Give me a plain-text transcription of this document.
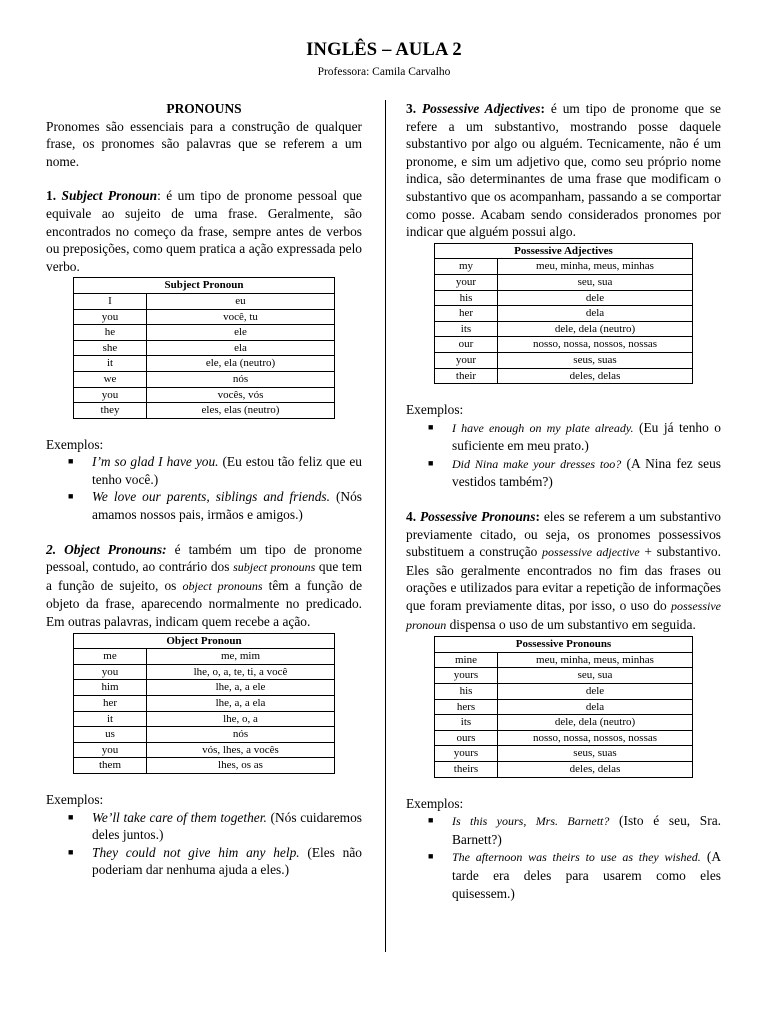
INGLÊS – AULA 2
Professora: Camila Carvalho

PRONOUNS

Pronomes são essenciais para a construção de qualquer frase, os pronomes são palavras que se referem a um nome.

1. Subject Pronoun: é um tipo de pronome pessoal que equivale ao sujeito de uma frase. Geralmente, são encontrados no começo da frase, sempre antes de verbos ou preposições, como quem pratica a ação expressada pelo verbo.

Subject Pronoun	
I	eu
you	você, tu
he	ele
she	ela
it	ele, ela (neutro)
we	nós
you	vocês, vós
they	eles, elas (neutro)

Exemplos:

■ I’m so glad I have you. (Eu estou tão feliz que eu tenho você.)
■ We love our parents, siblings and friends. (Nós amamos nossos pais, irmãos e amigos.)

2. Object Pronouns: é também um tipo de pronome pessoal, contudo, ao contrário dos subject pronouns que tem a função de sujeito, os object pronouns têm a função de objeto da frase, aparecendo normalmente no predicado. Em outras palavras, indicam quem recebe a ação.

Object Pronoun	
me	me, mim
you	lhe, o, a, te, ti, a você
him	lhe, a, a ele
her	lhe, a, a ela
it	lhe, o, a
us	nós
you	vós, lhes, a vocês
them	lhes, os as

Exemplos:

■ We’ll take care of them together. (Nós cuidaremos deles juntos.)
■ They could not give him any help. (Eles não poderiam dar nenhuma ajuda a eles.)

3. Possessive Adjectives: é um tipo de pronome que se refere a um substantivo, mostrando posse daquele substantivo por algo ou alguém. Tecnicamente, não é um pronome, e sim um adjetivo que, como seu próprio nome indica, são determinantes de uma frase que modificam o substantivo que os acompanham, passando a se comportar como posse. Acabam sendo considerados pronomes por indicar que alguém possui algo.

Possessive Adjectives	
my	meu, minha, meus, minhas
your	seu, sua
his	dele
her	dela
its	dele, dela (neutro)
our	nosso, nossa, nossos, nossas
your	seus, suas
their	deles, delas

Exemplos:

■ I have enough on my plate already. (Eu já tenho o suficiente em meu prato.)
■ Did Nina make your dresses too? (A Nina fez seus vestidos também?)

4. Possessive Pronouns: eles se referem a um substantivo previamente citado, ou seja, os pronomes possessivos substituem a construção possessive adjective + substantivo. Eles são geralmente encontrados no fim das frases ou orações e utilizados para evitar a repetição de informações que foram previamente ditas, por isso, o uso do possessive pronoun dispensa o uso de um substantivo em seguida.

Possessive Pronouns	
mine	meu, minha, meus, minhas
yours	seu, sua
his	dele
hers	dela
its	dele, dela (neutro)
ours	nosso, nossa, nossos, nossas
yours	seus, suas
theirs	deles, delas

Exemplos:

■ Is this yours, Mrs. Barnett? (Isto é seu, Sra. Barnett?)
■ The afternoon was theirs to use as they wished. (A tarde era deles para usarem como eles quisessem.)
